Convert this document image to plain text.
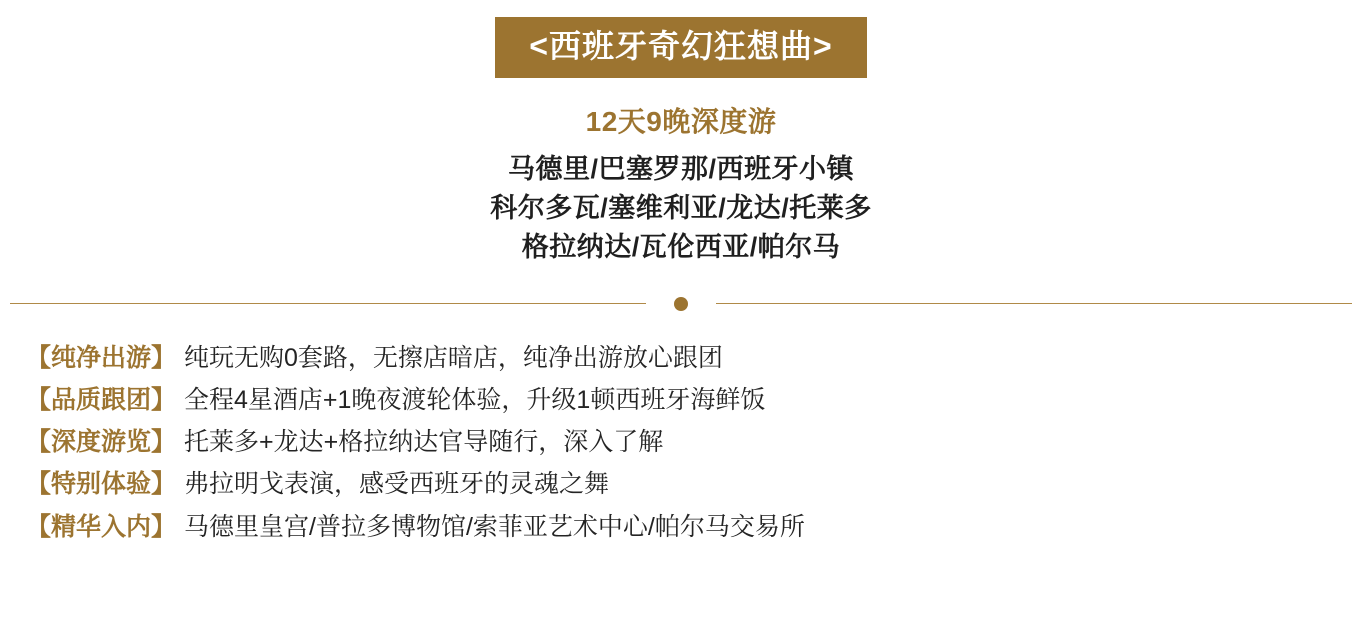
<西班牙奇幻狂想曲>
12天9晚深度游
马德里/巴塞罗那/西班牙小镇
科尔多瓦/塞维利亚/龙达/托莱多
格拉纳达/瓦伦西亚/帕尔马
【纯净出游】 纯玩无购0套路，无擦店暗店，纯净出游放心跟团
【品质跟团】 全程4星酒店+1晚夜渡轮体验，升级1顿西班牙海鲜饭
【深度游览】 托莱多+龙达+格拉纳达官导随行，深入了解
【特别体验】 弗拉明戈表演，感受西班牙的灵魂之舞
【精华入内】 马德里皇宫/普拉多博物馆/索菲亚艺术中心/帕尔马交易所
